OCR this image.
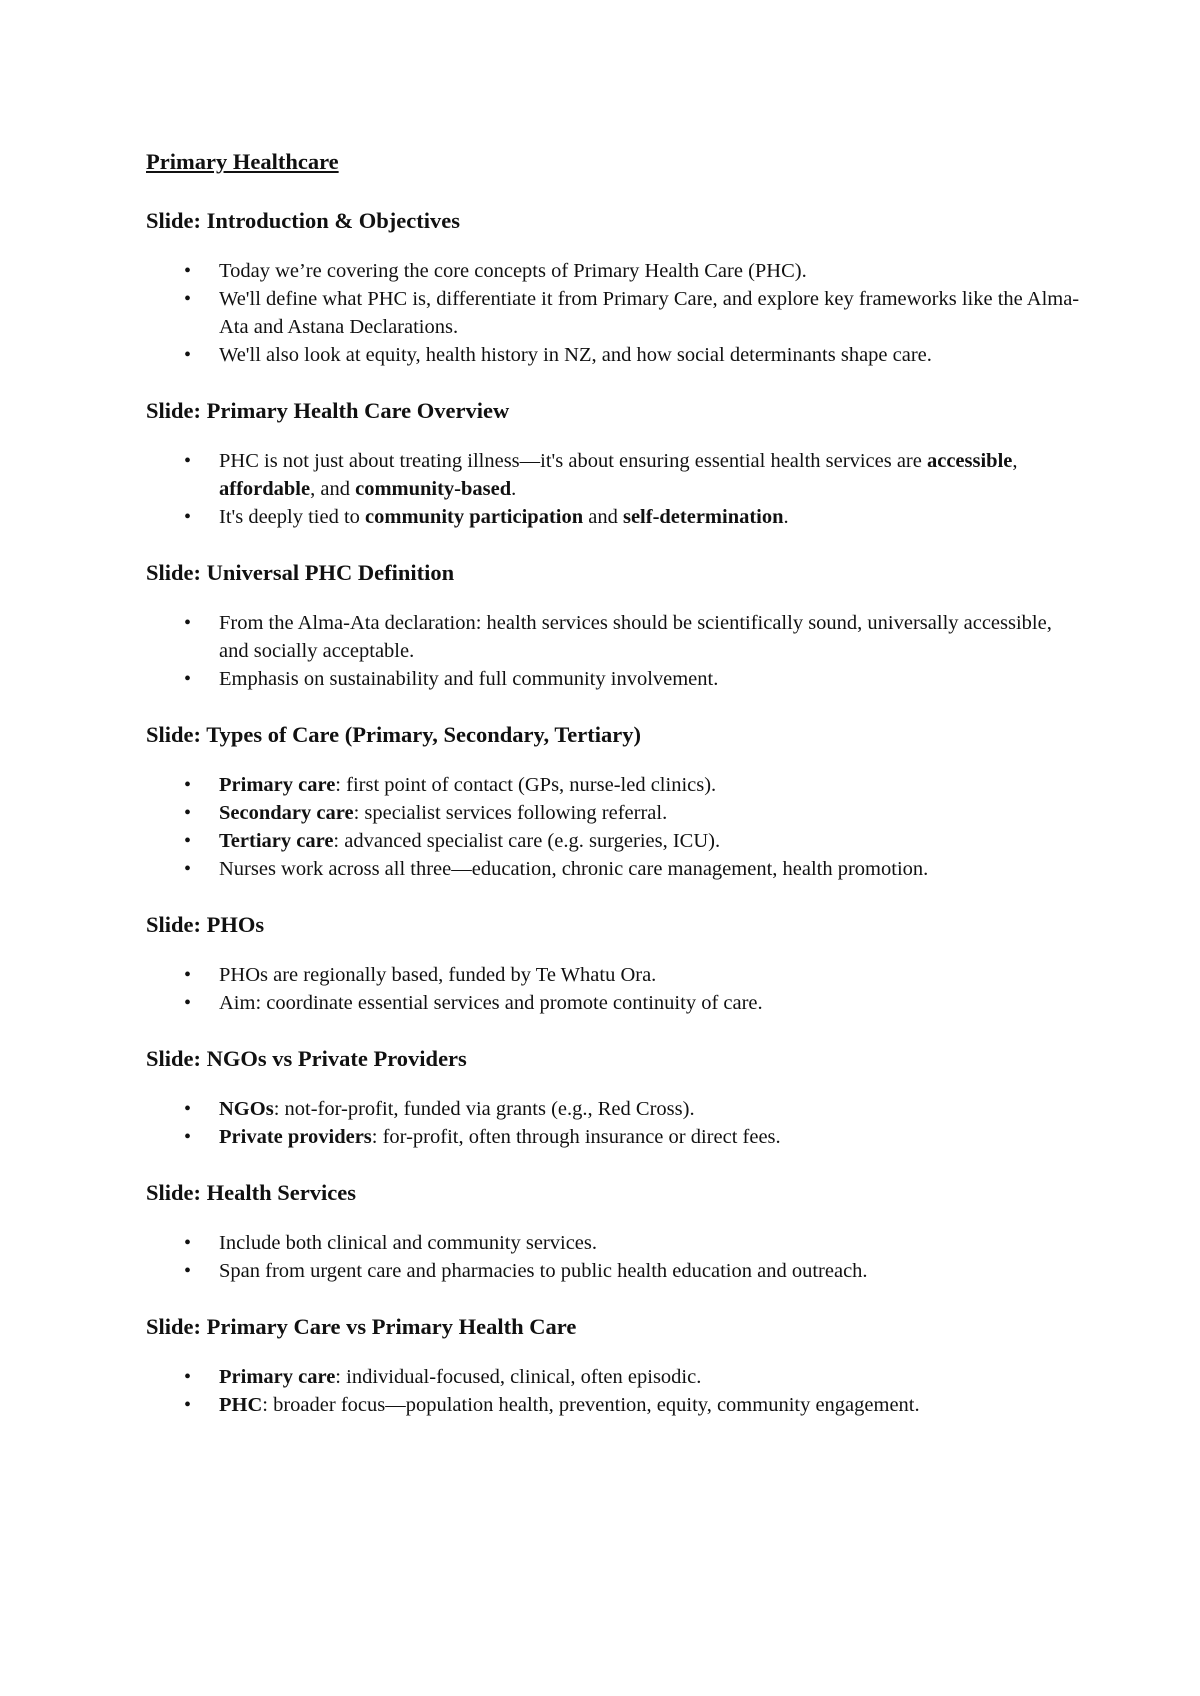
Primary Healthcare
Slide: Introduction & Objectives
• Today we’re covering the core concepts of Primary Health Care (PHC).
• We'll define what PHC is, differentiate it from Primary Care, and explore key frameworks like the Alma-Ata and Astana Declarations.
• We'll also look at equity, health history in NZ, and how social determinants shape care.
Slide: Primary Health Care Overview
• PHC is not just about treating illness—it's about ensuring essential health services are accessible, affordable, and community-based.
• It's deeply tied to community participation and self-determination.
Slide: Universal PHC Definition
• From the Alma-Ata declaration: health services should be scientifically sound, universally accessible, and socially acceptable.
• Emphasis on sustainability and full community involvement.
Slide: Types of Care (Primary, Secondary, Tertiary)
• Primary care: first point of contact (GPs, nurse-led clinics).
• Secondary care: specialist services following referral.
• Tertiary care: advanced specialist care (e.g. surgeries, ICU).
• Nurses work across all three—education, chronic care management, health promotion.
Slide: PHOs
• PHOs are regionally based, funded by Te Whatu Ora.
• Aim: coordinate essential services and promote continuity of care.
Slide: NGOs vs Private Providers
• NGOs: not-for-profit, funded via grants (e.g., Red Cross).
• Private providers: for-profit, often through insurance or direct fees.
Slide: Health Services
• Include both clinical and community services.
• Span from urgent care and pharmacies to public health education and outreach.
Slide: Primary Care vs Primary Health Care
• Primary care: individual-focused, clinical, often episodic.
• PHC: broader focus—population health, prevention, equity, community engagement.
